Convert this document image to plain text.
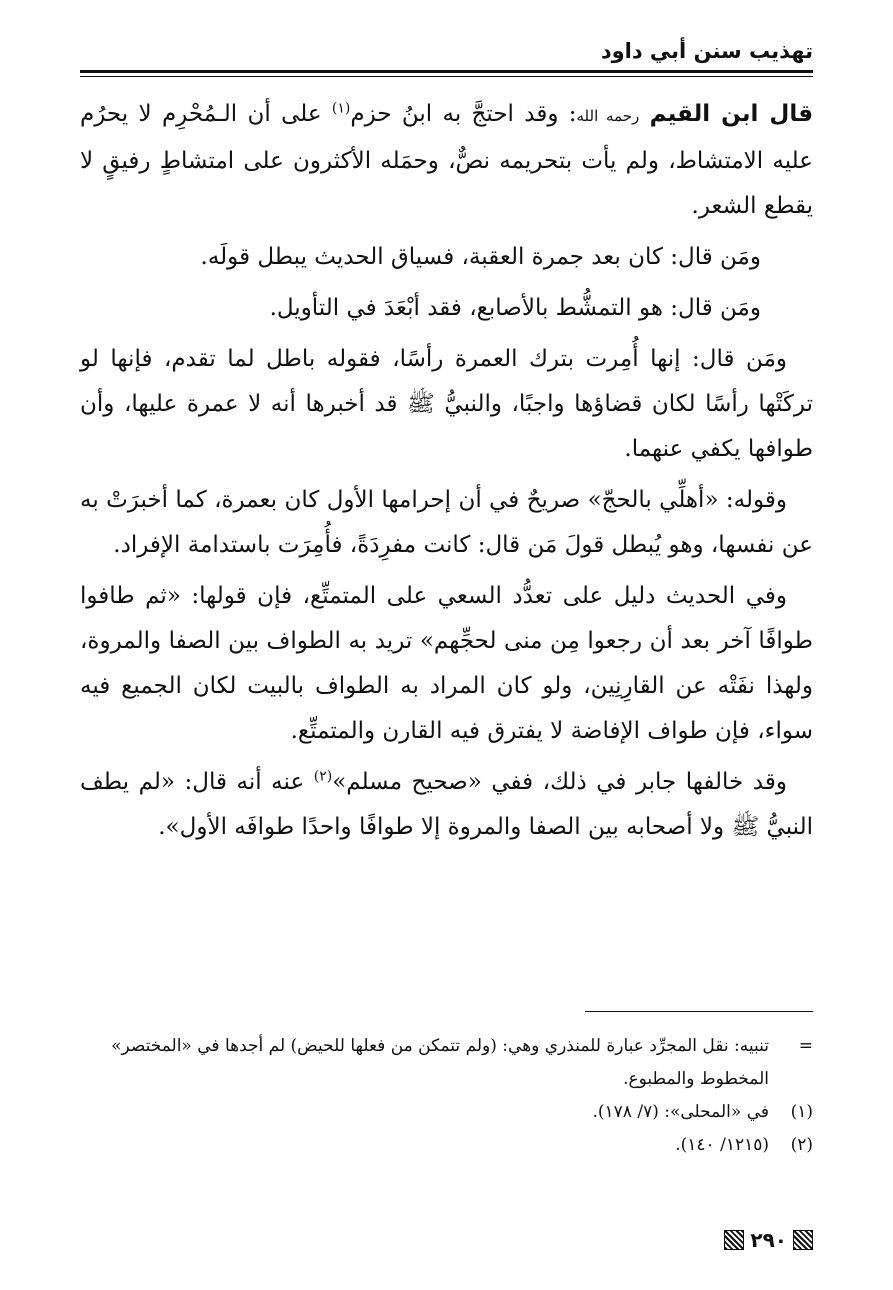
تهذيب سنن أبي داود

قال ابن القيم رحمه الله: وقد احتجَّ به ابنُ حزم$^{(١)}$ على أن الـمُحْرِم لا يحرُم عليه الامتشاط، ولم يأت بتحريمه نصٌّ، وحمَله الأكثرون على امتشاطٍ رفيقٍ لا يقطع الشعر.

ومَن قال: كان بعد جمرة العقبة، فسياق الحديث يبطل قولَه.

ومَن قال: هو التمشُّط بالأصابع، فقد أبْعَدَ في التأويل.

ومَن قال: إنها أُمِرت بترك العمرة رأسًا، فقوله باطل لما تقدم، فإنها لو تركَتْها رأسًا لكان قضاؤها واجبًا، والنبيُّ ﷺ قد أخبرها أنه لا عمرة عليها، وأن طوافها يكفي عنهما.

وقوله: «أهلِّي بالحجّ» صريحٌ في أن إحرامها الأول كان بعمرة، كما أخبرَتْ به عن نفسها، وهو يُبطل قولَ مَن قال: كانت مفرِدَةً، فأُمِرَت باستدامة الإفراد.

وفي الحديث دليل على تعدُّد السعي على المتمتِّع، فإن قولها: «ثم طافوا طوافًا آخر بعد أن رجعوا مِن منى لحجِّهم» تريد به الطواف بين الصفا والمروة، ولهذا نفَتْه عن القارِنِين، ولو كان المراد به الطواف بالبيت لكان الجميع فيه سواء، فإن طواف الإفاضة لا يفترق فيه القارن والمتمتِّع.

وقد خالفها جابر في ذلك، ففي «صحيح مسلم»$^{(٢)}$ عنه أنه قال: «لم يطف النبيُّ ﷺ ولا أصحابه بين الصفا والمروة إلا طوافًا واحدًا طوافَه الأول».

=
تنبيه: نقل المجرِّد عبارة للمنذري وهي: (ولم تتمكن من فعلها للحيض) لم أجدها في «المختصر» المخطوط والمطبوع.
(١)
في «المحلى»: (٧/ ١٧٨).
(٢)
(١٢١٥/ ١٤٠).
٢٩٠
